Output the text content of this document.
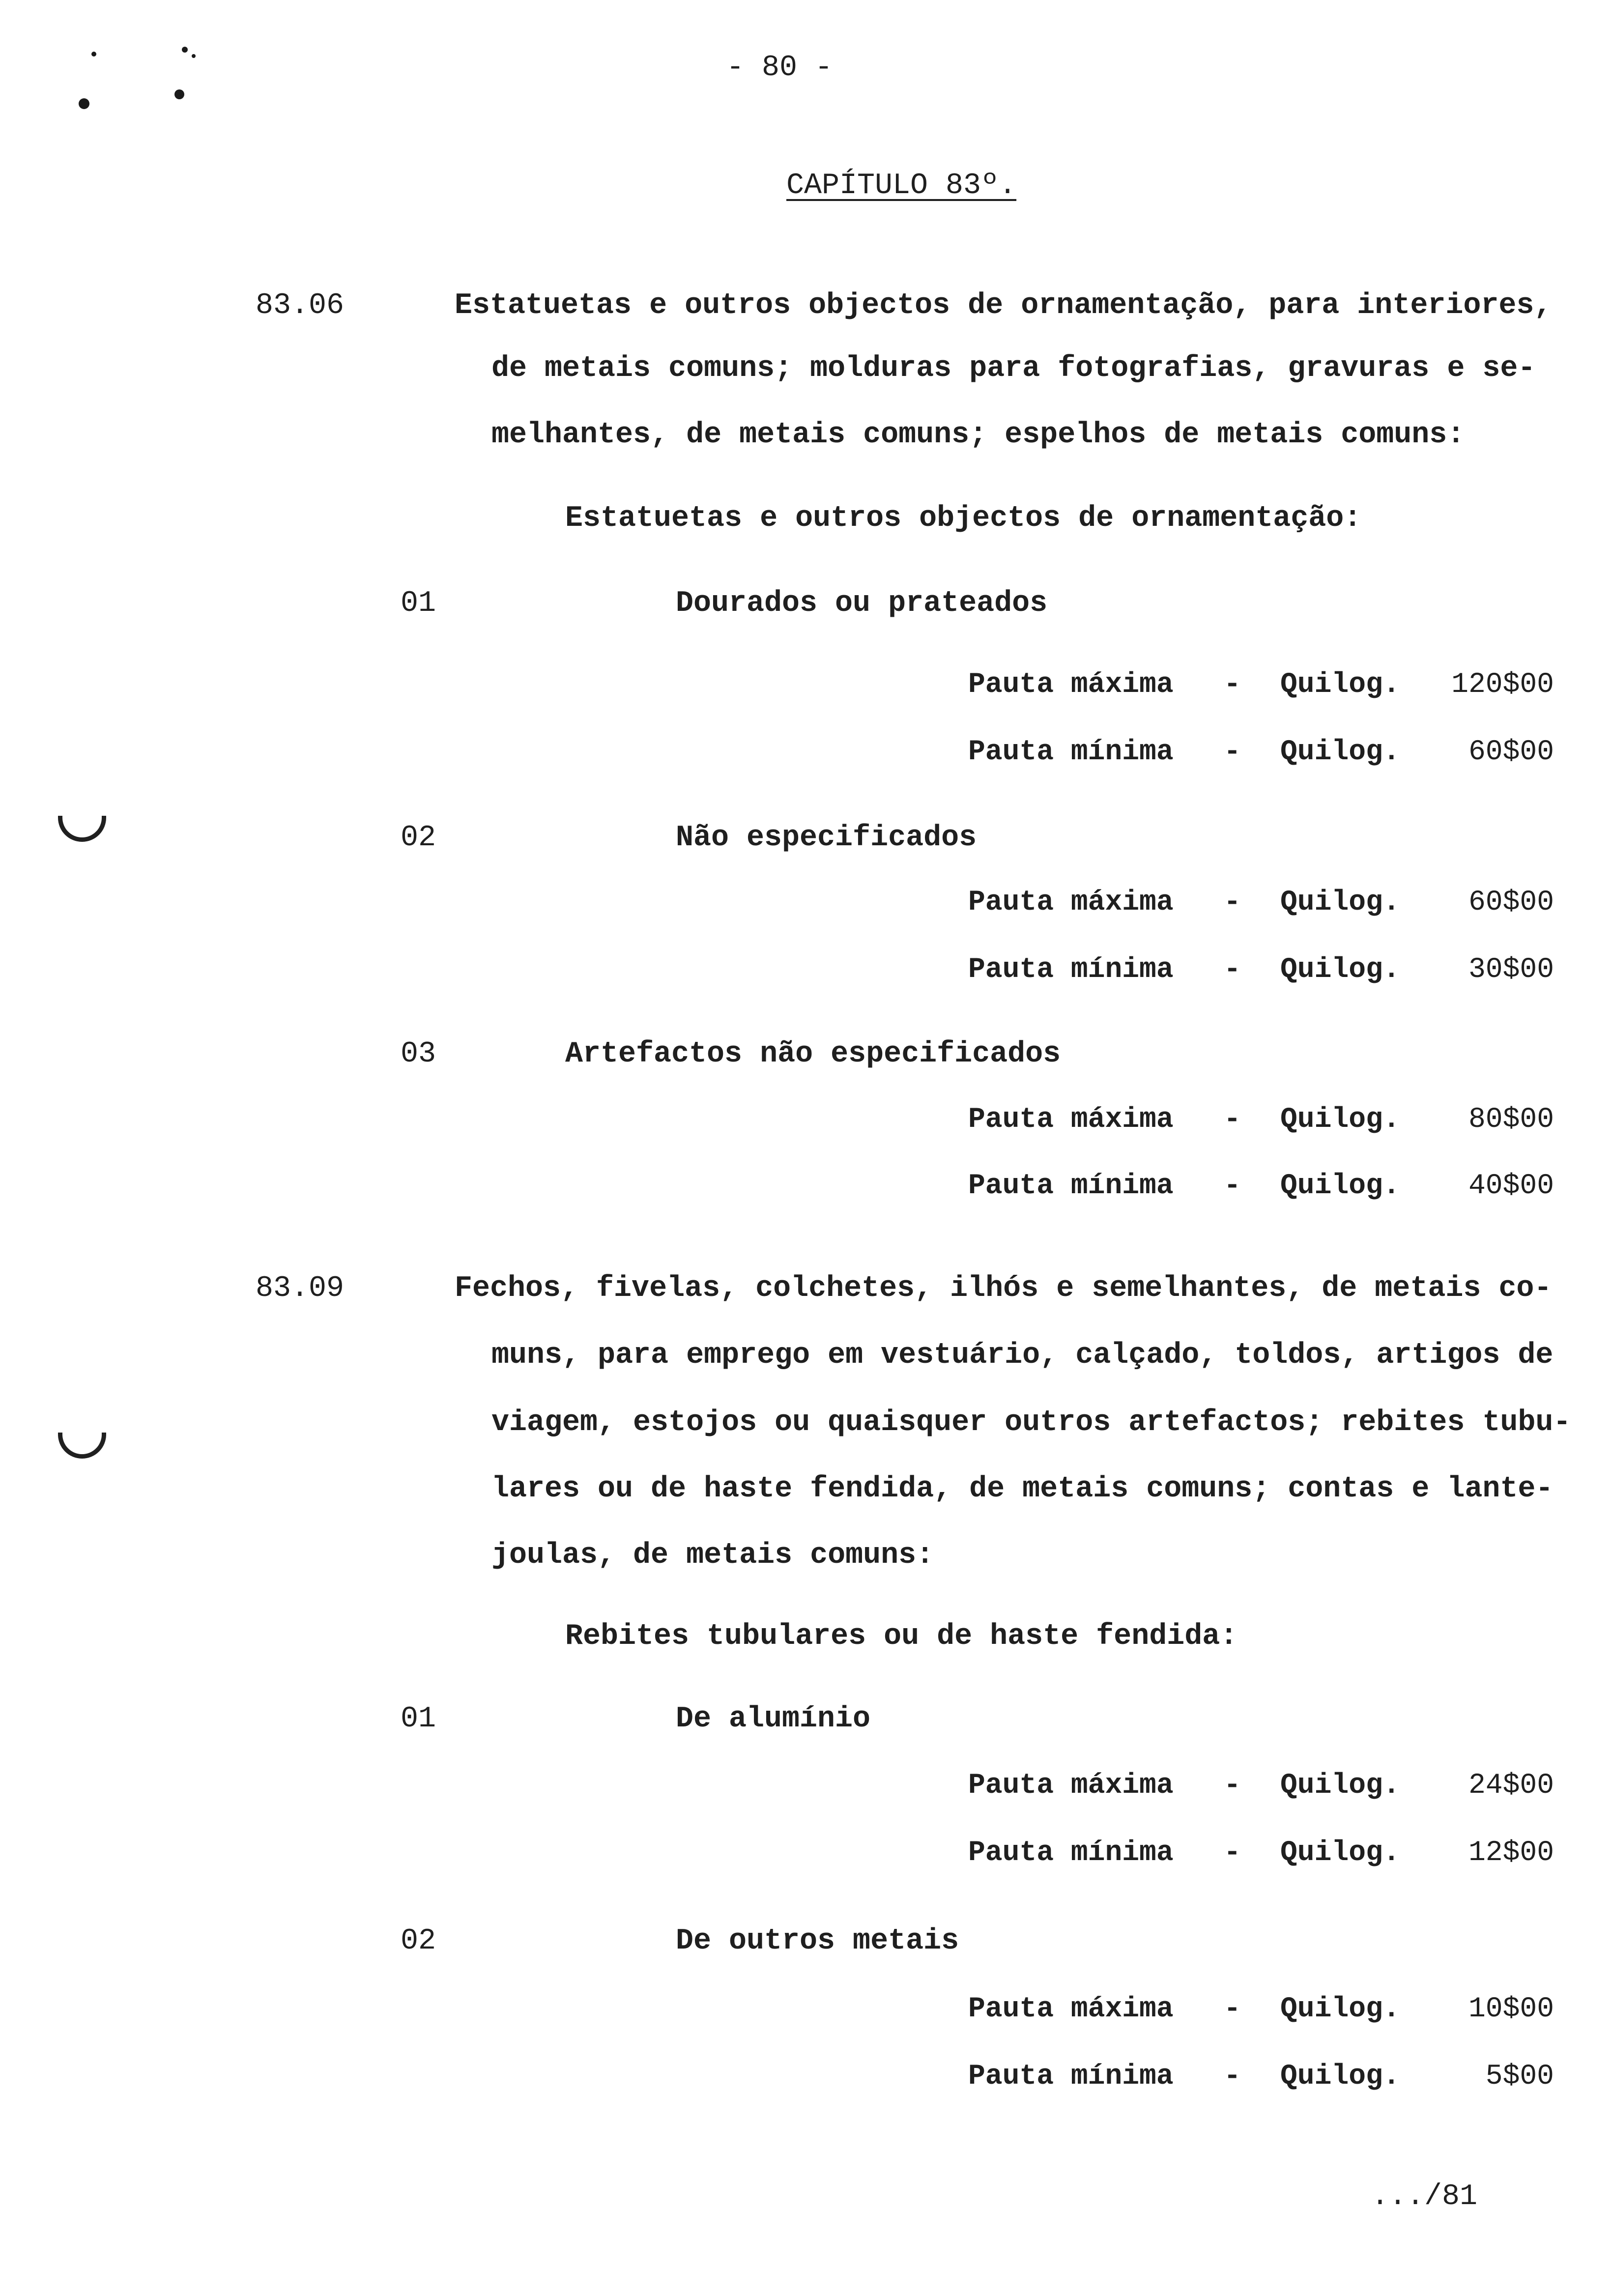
- 80 -
CAPÍTULO 83º.
83.06	Estatuetas e outros objectos de ornamentação, para interiores,
de metais comuns; molduras para fotografias, gravuras e se-
melhantes, de metais comuns; espelhos de metais comuns:
Estatuetas e outros objectos de ornamentação:
01	Dourados ou prateados
Pauta máxima - Quilog.	120$00
Pauta mínima - Quilog.	60$00
02	Não especificados
Pauta máxima - Quilog.	60$00
Pauta mínima - Quilog.	30$00
03	Artefactos não especificados
Pauta máxima - Quilog.	80$00
Pauta mínima - Quilog.	40$00
83.09	Fechos, fivelas, colchetes, ilhós e semelhantes, de metais co-
muns, para emprego em vestuário, calçado, toldos, artigos de
viagem, estojos ou quaisquer outros artefactos; rebites tubu-
lares ou de haste fendida, de metais comuns; contas e lante-
joulas, de metais comuns:
Rebites tubulares ou de haste fendida:
01	De alumínio
Pauta máxima - Quilog.	24$00
Pauta mínima - Quilog.	12$00
02	De outros metais
Pauta máxima - Quilog.	10$00
Pauta mínima - Quilog.	5$00
.../81
